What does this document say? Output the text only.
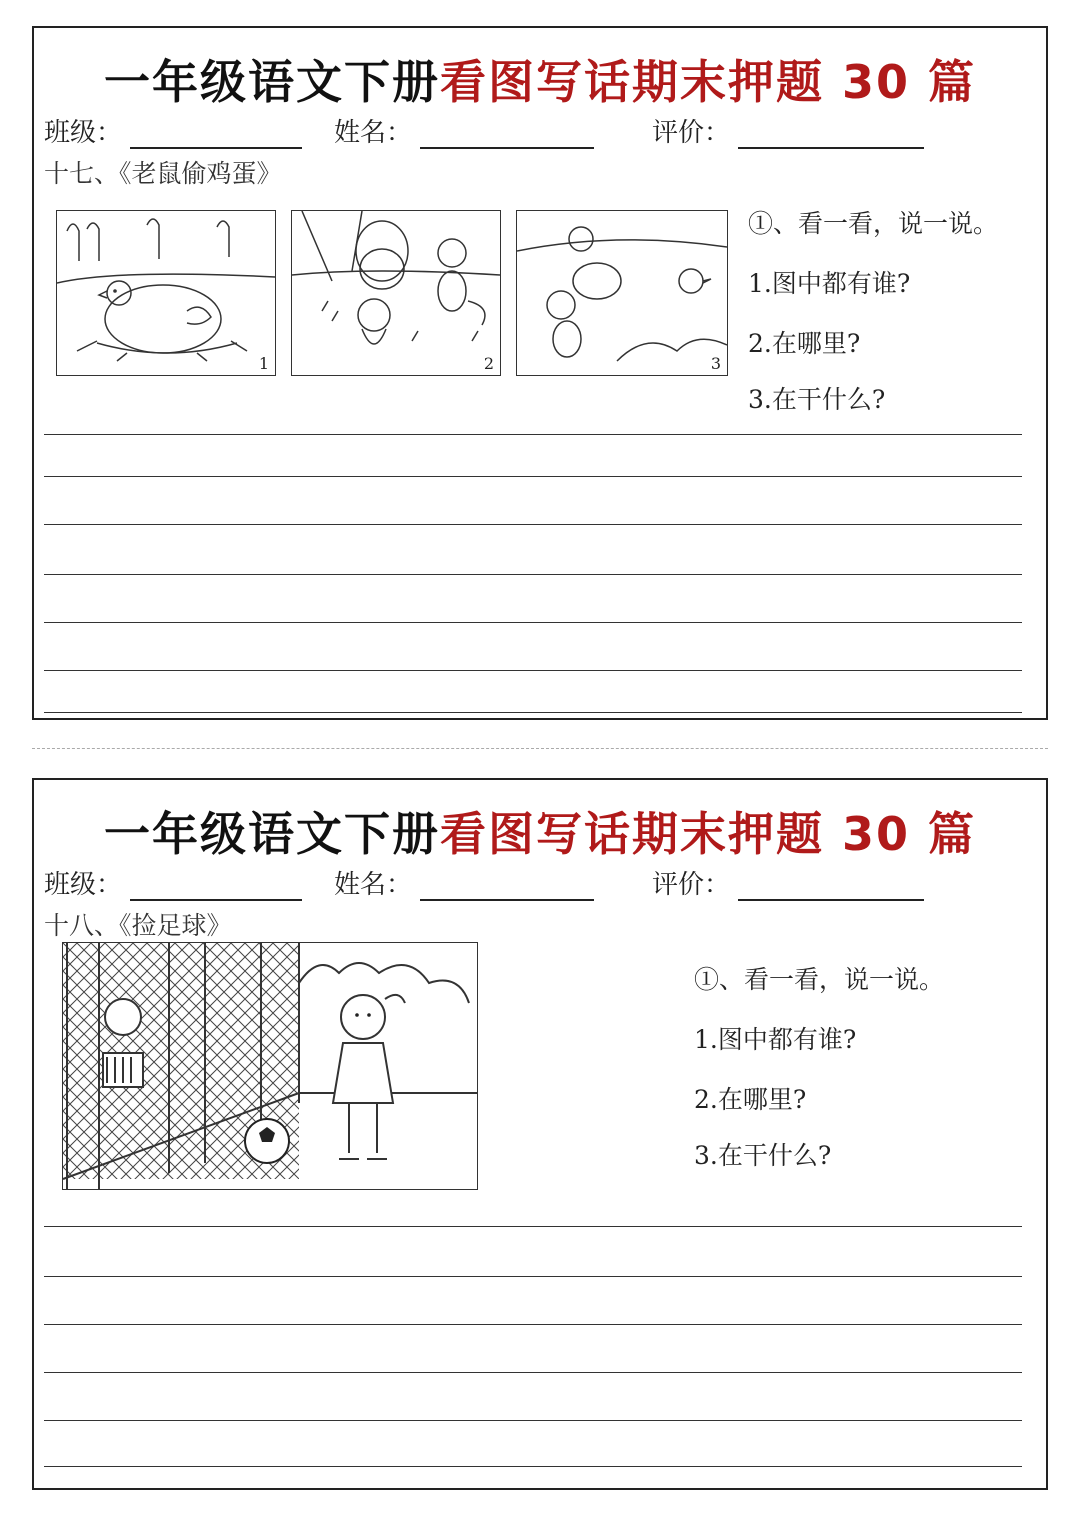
一年级语文下册看图写话期末押题 30 篇
班级：	姓名：	评价：
十七、《老鼠偷鸡蛋》
1	2	3
①、看一看，说一说。
1.图中都有谁?
2.在哪里?
3.在干什么?
一年级语文下册看图写话期末押题 30 篇
班级：	姓名：	评价：
十八、《捡足球》
①、看一看，说一说。
1.图中都有谁?
2.在哪里?
3.在干什么?
